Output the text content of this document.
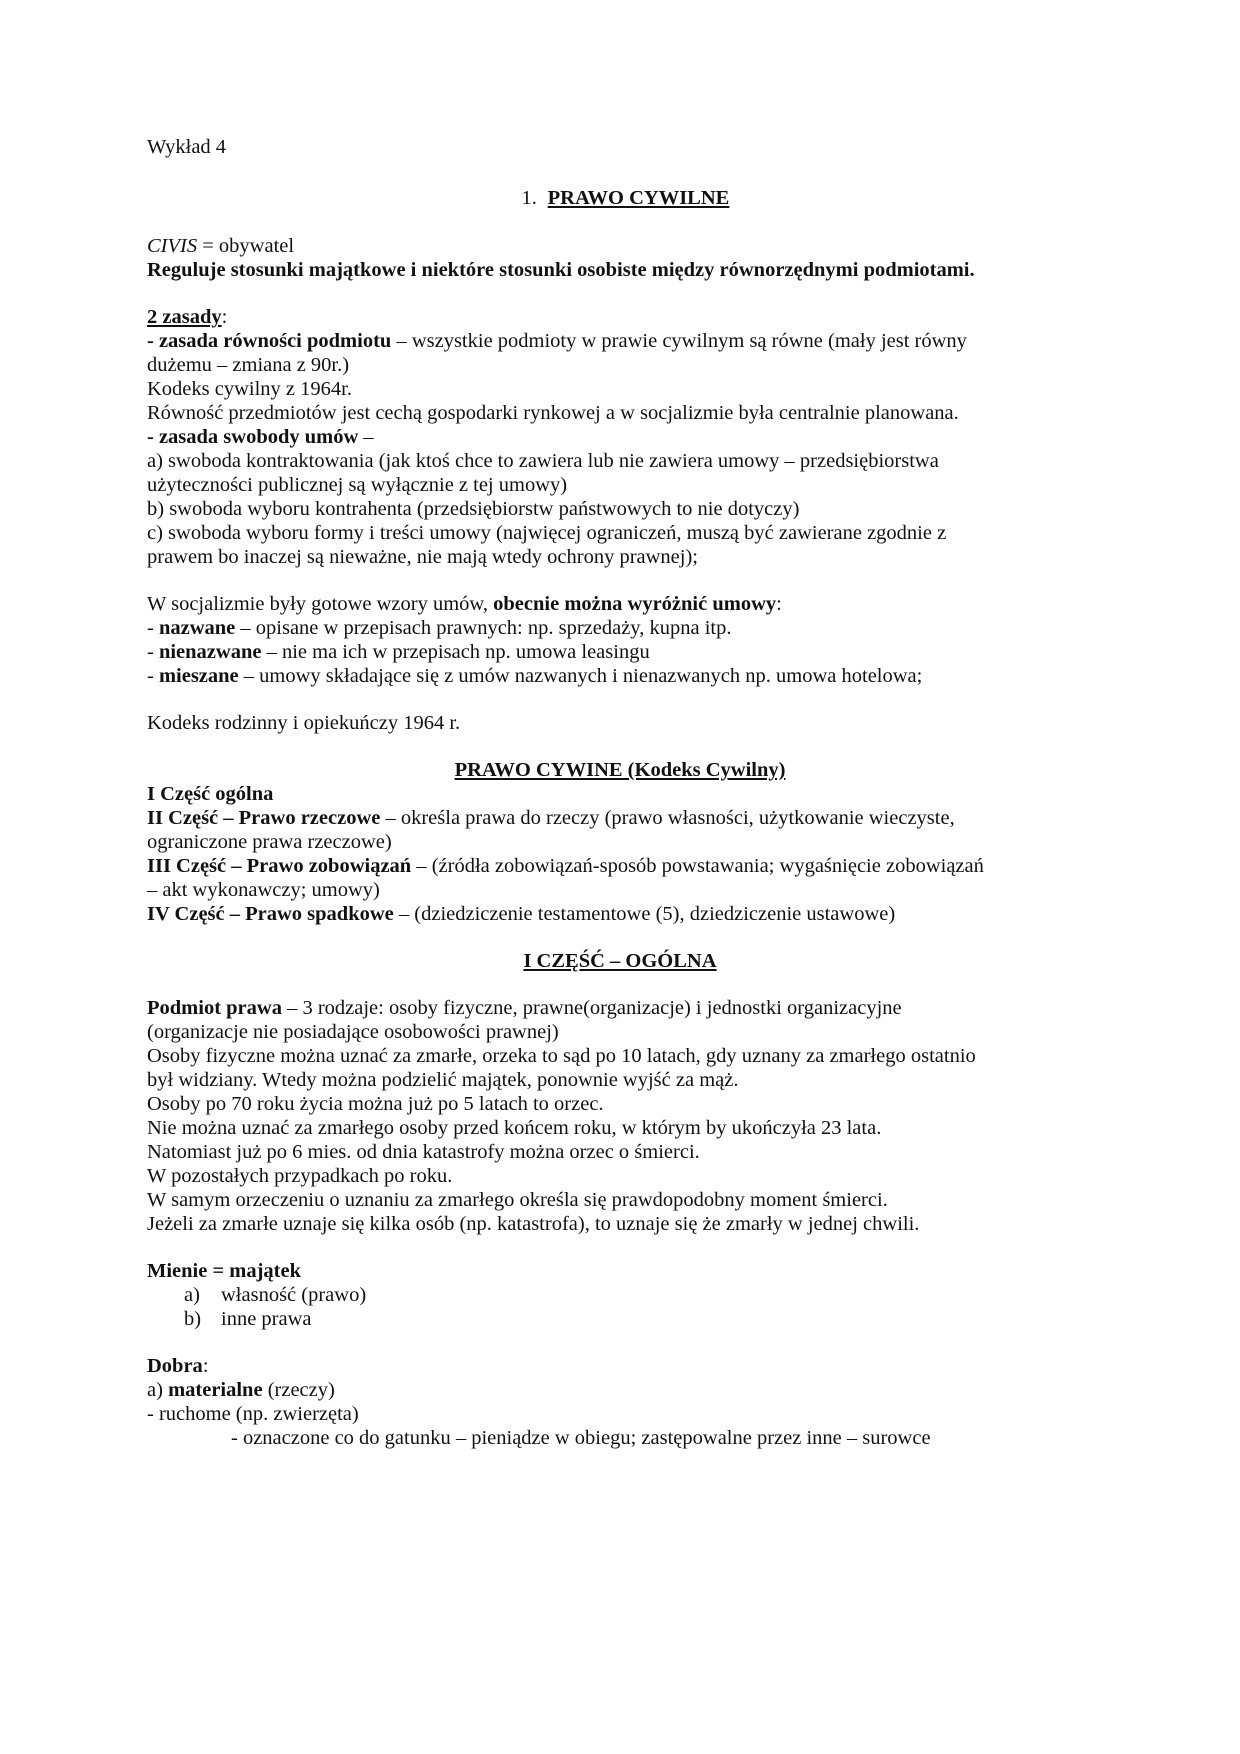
Wykład 4
1. PRAWO CYWILNE
CIVIS = obywatel
Reguluje stosunki majątkowe i niektóre stosunki osobiste między równorzędnymi podmiotami.
2 zasady:
- zasada równości podmiotu – wszystkie podmioty w prawie cywilnym są równe (mały jest równy
dużemu – zmiana z 90r.)
Kodeks cywilny z 1964r.
Równość przedmiotów jest cechą gospodarki rynkowej a w socjalizmie była centralnie planowana.
- zasada swobody umów –
a) swoboda kontraktowania (jak ktoś chce to zawiera lub nie zawiera umowy – przedsiębiorstwa
użyteczności publicznej są wyłącznie z tej umowy)
b) swoboda wyboru kontrahenta (przedsiębiorstw państwowych to nie dotyczy)
c) swoboda wyboru formy i treści umowy (najwięcej ograniczeń, muszą być zawierane zgodnie z
prawem bo inaczej są nieważne, nie mają wtedy ochrony prawnej);
W socjalizmie były gotowe wzory umów, obecnie można wyróżnić umowy:
- nazwane – opisane w przepisach prawnych: np. sprzedaży, kupna itp.
- nienazwane – nie ma ich w przepisach np. umowa leasingu
- mieszane – umowy składające się z umów nazwanych i nienazwanych np. umowa hotelowa;
Kodeks rodzinny i opiekuńczy 1964 r.
PRAWO CYWINE (Kodeks Cywilny)
I Część ogólna
II Część – Prawo rzeczowe – określa prawa do rzeczy (prawo własności, użytkowanie wieczyste,
ograniczone prawa rzeczowe)
III Część – Prawo zobowiązań – (źródła zobowiązań-sposób powstawania; wygaśnięcie zobowiązań
– akt wykonawczy; umowy)
IV Część – Prawo spadkowe – (dziedziczenie testamentowe (5), dziedziczenie ustawowe)
I CZĘŚĆ – OGÓLNA
Podmiot prawa – 3 rodzaje: osoby fizyczne, prawne(organizacje) i jednostki organizacyjne
(organizacje nie posiadające osobowości prawnej)
Osoby fizyczne można uznać za zmarłe, orzeka to sąd po 10 latach, gdy uznany za zmarłego ostatnio
był widziany. Wtedy można podzielić majątek, ponownie wyjść za mąż.
Osoby po 70 roku życia można już po 5 latach to orzec.
Nie można uznać za zmarłego osoby przed końcem roku, w którym by ukończyła 23 lata.
Natomiast już po 6 mies. od dnia katastrofy można orzec o śmierci.
W pozostałych przypadkach po roku.
W samym orzeczeniu o uznaniu za zmarłego określa się prawdopodobny moment śmierci.
Jeżeli za zmarłe uznaje się kilka osób (np. katastrofa), to uznaje się że zmarły w jednej chwili.
Mienie = majątek
a) własność (prawo)
b) inne prawa
Dobra:
a) materialne (rzeczy)
- ruchome (np. zwierzęta)
- oznaczone co do gatunku – pieniądze w obiegu; zastępowalne przez inne – surowce
